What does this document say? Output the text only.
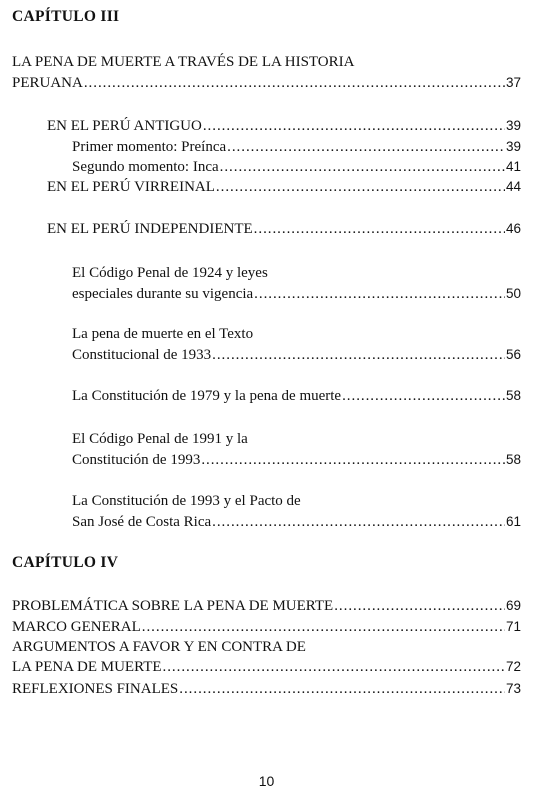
CAPÍTULO III
LA PENA DE MUERTE A TRAVÉS DE LA HISTORIA
PERUANA . . .	37
EN EL PERÚ ANTIGUO . . .	39
Primer momento: Preínca . . .	39
Segundo momento: Inca . . .	41
EN EL PERÚ VIRREINAL . . .	44
EN EL PERÚ INDEPENDIENTE . . .	46
El Código Penal de 1924 y leyes
especiales durante su vigencia . . .	50
La pena de muerte en el Texto
Constitucional de 1933 . . .	56
La Constitución de 1979 y la pena de muerte . . .	58
El Código Penal de 1991 y la
Constitución de 1993 . . .	58
La Constitución de 1993 y el Pacto de
San José de Costa Rica . . .	61
CAPÍTULO IV
PROBLEMÁTICA SOBRE LA PENA DE MUERTE . . .	69
MARCO GENERAL . . .	71
ARGUMENTOS A FAVOR Y EN CONTRA DE
LA PENA DE MUERTE . . .	72
REFLEXIONES FINALES . . .	73
10
